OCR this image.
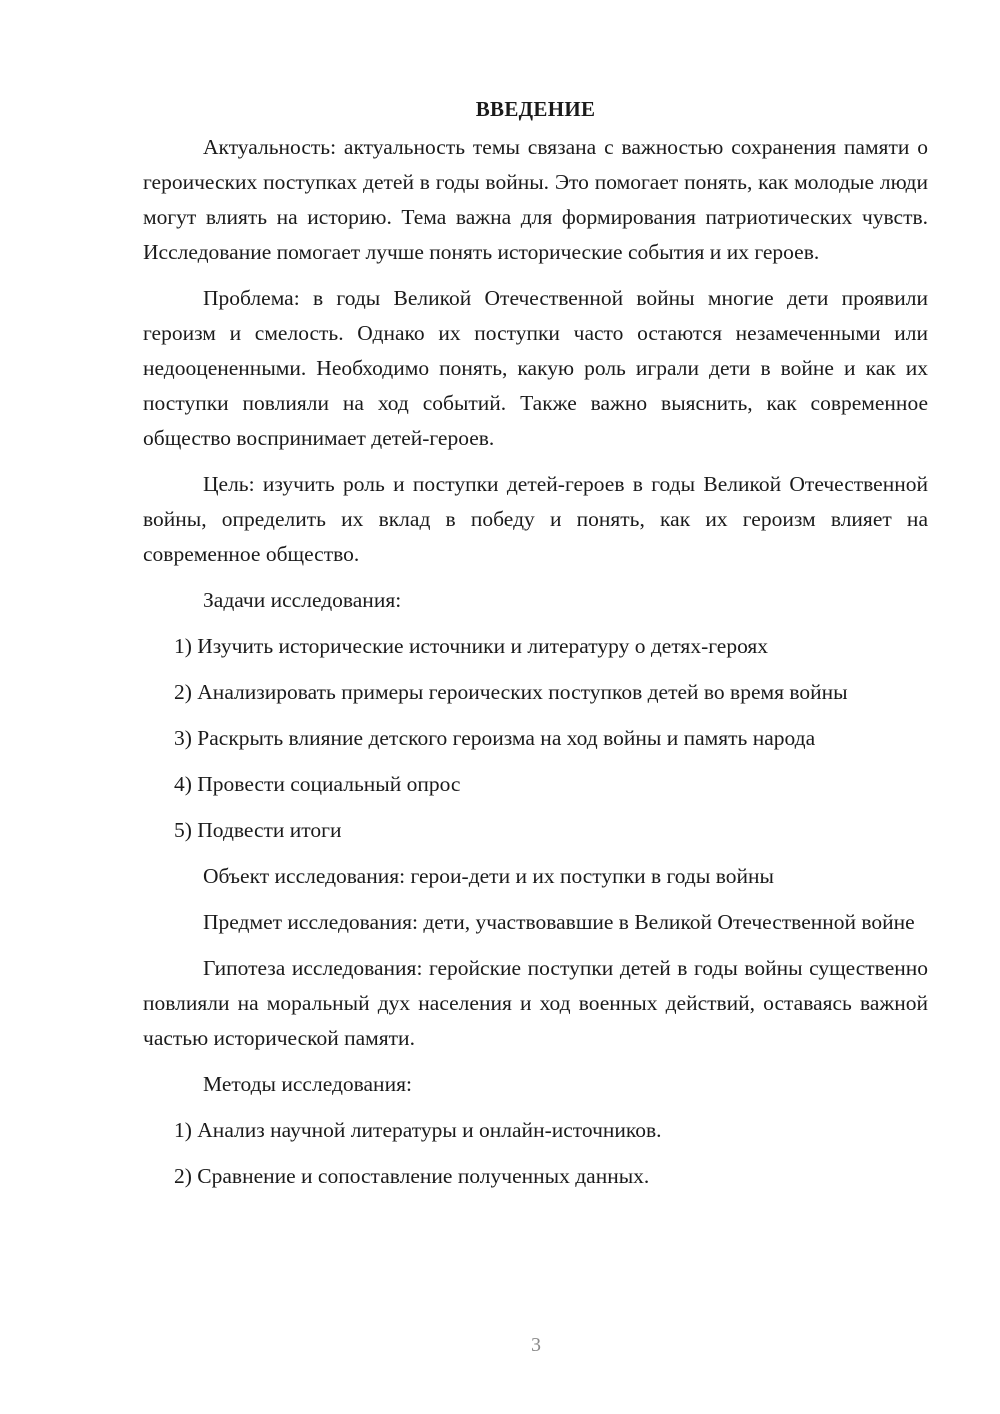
ВВЕДЕНИЕ

Актуальность: актуальность темы связана с важностью сохранения памяти о героических поступках детей в годы войны. Это помогает понять, как молодые люди могут влиять на историю. Тема важна для формирования патриотических чувств. Исследование помогает лучше понять исторические события и их героев.

Проблема: в годы Великой Отечественной войны многие дети проявили героизм и смелость. Однако их поступки часто остаются незамеченными или недооцененными. Необходимо понять, какую роль играли дети в войне и как их поступки повлияли на ход событий. Также важно выяснить, как современное общество воспринимает детей-героев.

Цель: изучить роль и поступки детей-героев в годы Великой Отечественной войны, определить их вклад в победу и понять, как их героизм влияет на современное общество.

Задачи исследования:

1) Изучить исторические источники и литературу о детях-героях

2) Анализировать примеры героических поступков детей во время войны

3) Раскрыть влияние детского героизма на ход войны и память народа

4) Провести социальный опрос

5) Подвести итоги

Объект исследования: герои-дети и их поступки в годы войны

Предмет исследования: дети, участвовавшие в Великой Отечественной войне

Гипотеза исследования: геройские поступки детей в годы войны существенно повлияли на моральный дух населения и ход военных действий, оставаясь важной частью исторической памяти.

Методы исследования:

1) Анализ научной литературы и онлайн-источников.

2) Сравнение и сопоставление полученных данных.

3
